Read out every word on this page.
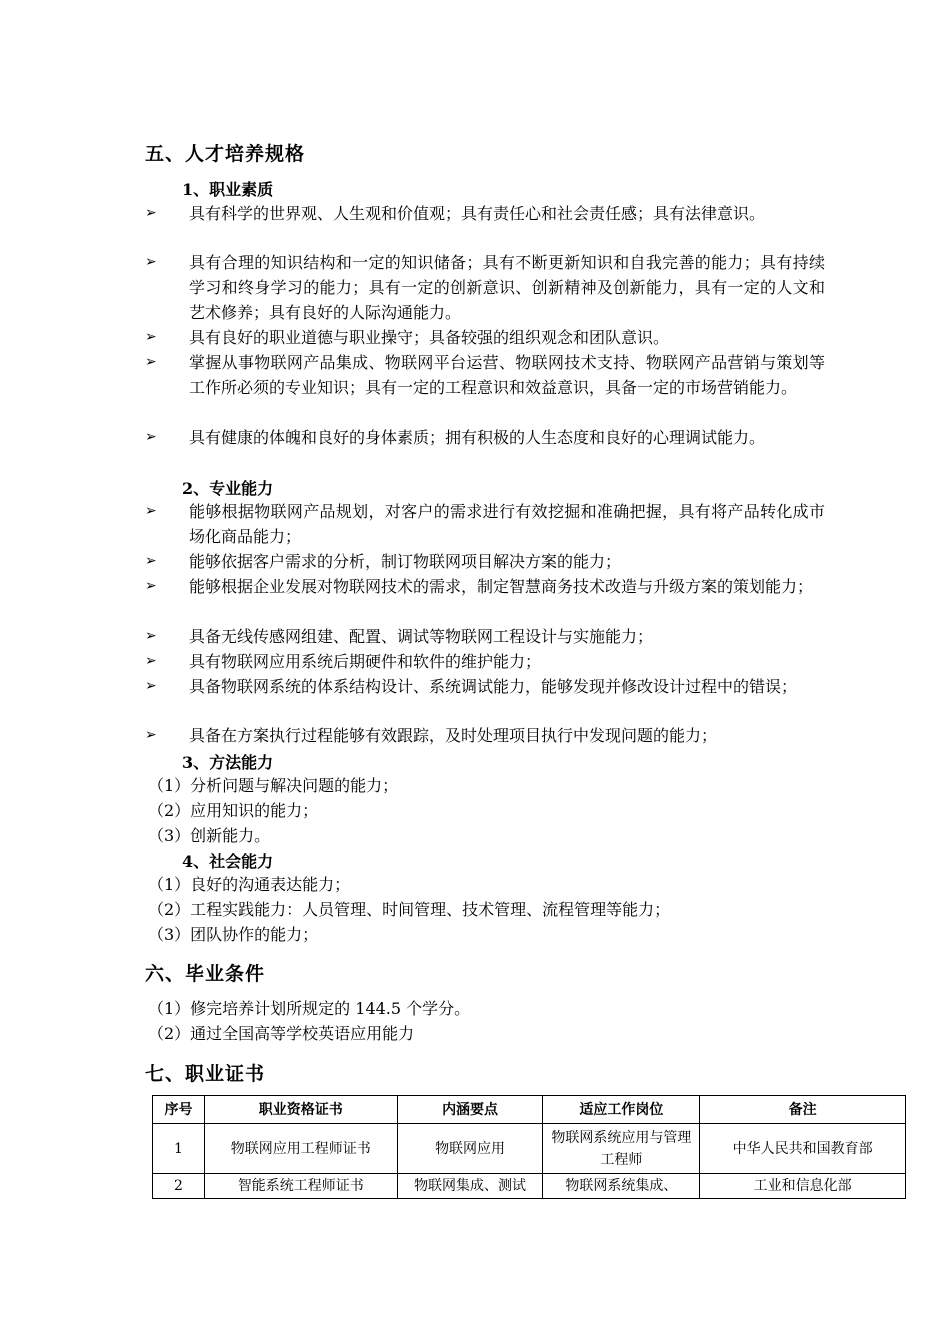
五、人才培养规格
1、职业素质
➢ 具有科学的世界观、人生观和价值观；具有责任心和社会责任感；具有法律意识。
➢ 具有合理的知识结构和一定的知识储备；具有不断更新知识和自我完善的能力；具有持续学习和终身学习的能力；具有一定的创新意识、创新精神及创新能力，具有一定的人文和艺术修养；具有良好的人际沟通能力。
➢ 具有良好的职业道德与职业操守；具备较强的组织观念和团队意识。
➢ 掌握从事物联网产品集成、物联网平台运营、物联网技术支持、物联网产品营销与策划等工作所必须的专业知识；具有一定的工程意识和效益意识，具备一定的市场营销能力。
➢ 具有健康的体魄和良好的身体素质；拥有积极的人生态度和良好的心理调试能力。
2、专业能力
➢ 能够根据物联网产品规划，对客户的需求进行有效挖掘和准确把握，具有将产品转化成市场化商品能力；
➢ 能够依据客户需求的分析，制订物联网项目解决方案的能力；
➢ 能够根据企业发展对物联网技术的需求，制定智慧商务技术改造与升级方案的策划能力；
➢ 具备无线传感网组建、配置、调试等物联网工程设计与实施能力；
➢ 具有物联网应用系统后期硬件和软件的维护能力；
➢ 具备物联网系统的体系结构设计、系统调试能力，能够发现并修改设计过程中的错误；
➢ 具备在方案执行过程能够有效跟踪，及时处理项目执行中发现问题的能力；
3、方法能力
（1）分析问题与解决问题的能力；
（2）应用知识的能力；
（3）创新能力。
4、社会能力
（1）良好的沟通表达能力；
（2）工程实践能力：人员管理、时间管理、技术管理、流程管理等能力；
（3）团队协作的能力；
六、毕业条件
（1）修完培养计划所规定的 144.5 个学分。
（2）通过全国高等学校英语应用能力
七、职业证书
序号	职业资格证书	内涵要点	适应工作岗位	备注
1	物联网应用工程师证书	物联网应用	物联网系统应用与管理工程师	中华人民共和国教育部
2	智能系统工程师证书	物联网集成、测试	物联网系统集成、	工业和信息化部
